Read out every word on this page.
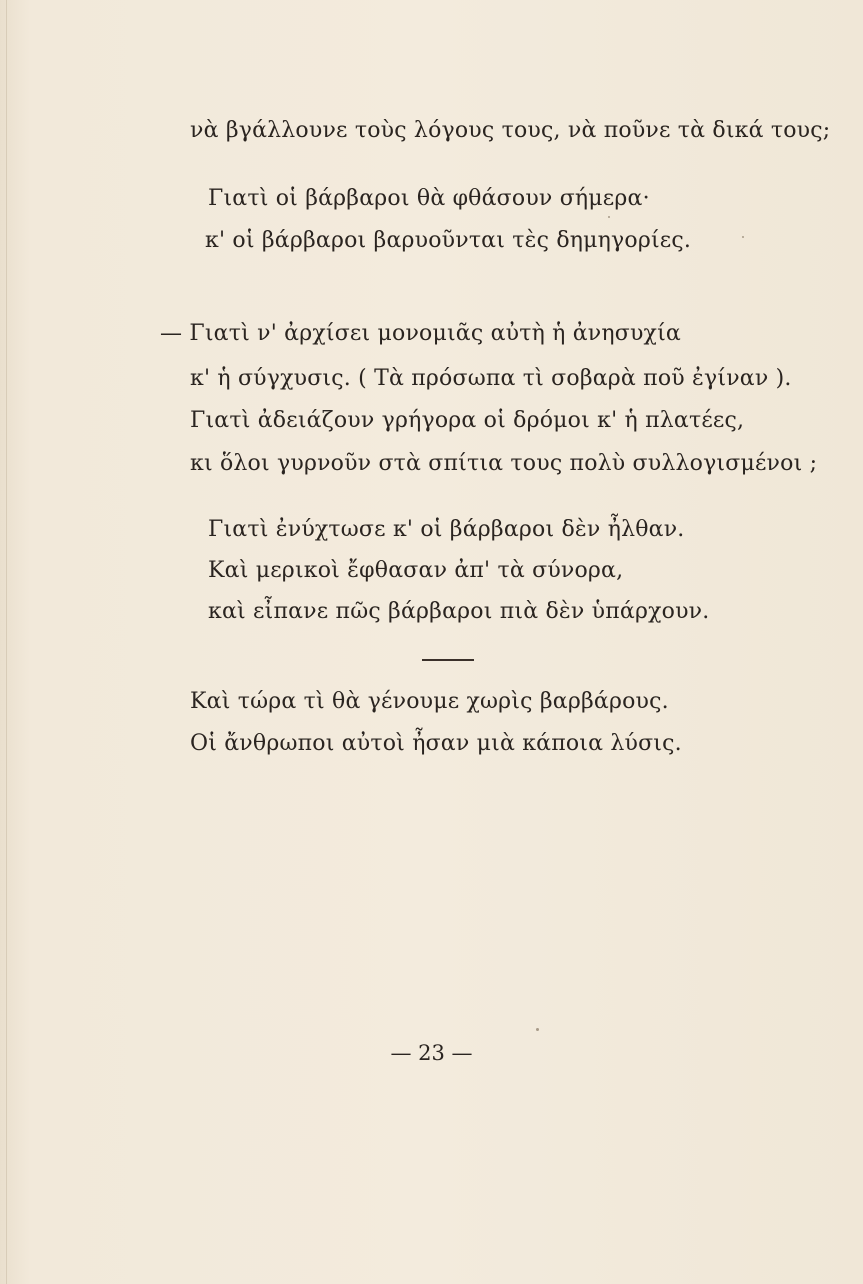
νὰ βγάλλουνε τοὺς λόγους τους, νὰ ποῦνε τὰ δικά τους;
Γιατὶ οἱ βάρβαροι θὰ φθάσουν σήμερα·
κ' οἱ βάρβαροι βαρυοῦνται τὲς δημηγορίες.
— Γιατὶ ν' ἀρχίσει μονομιᾶς αὐτὴ ἡ ἀνησυχία
κ' ἡ σύγχυσις. ( Τὰ πρόσωπα τὶ σοβαρὰ ποῦ ἐγίναν ).
Γιατὶ ἀδειάζουν γρήγορα οἱ δρόμοι κ' ἡ πλατέες,
κι ὅλοι γυρνοῦν στὰ σπίτια τους πολὺ συλλογισμένοι ;
Γιατὶ ἐνύχτωσε κ' οἱ βάρβαροι δὲν ἦλθαν.
Καὶ μερικοὶ ἔφθασαν ἀπ' τὰ σύνορα,
καὶ εἶπανε πῶς βάρβαροι πιὰ δὲν ὑπάρχουν.
Καὶ τώρα τὶ θὰ γένουμε χωρὶς βαρβάρους.
Οἱ ἄνθρωποι αὐτοὶ ἦσαν μιὰ κάποια λύσις.
— 23 —
